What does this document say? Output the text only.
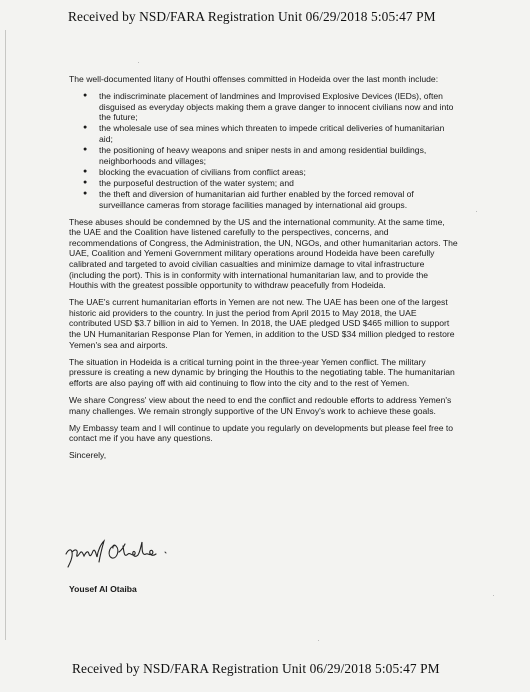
Received by NSD/FARA Registration Unit 06/29/2018 5:05:47 PM

The well-documented litany of Houthi offenses committed in Hodeida over the last month include:

● the indiscriminate placement of landmines and Improvised Explosive Devices (IEDs), often disguised as everyday objects making them a grave danger to innocent civilians now and into the future;
● the wholesale use of sea mines which threaten to impede critical deliveries of humanitarian aid;
● the positioning of heavy weapons and sniper nests in and among residential buildings, neighborhoods and villages;
● blocking the evacuation of civilians from conflict areas;
● the purposeful destruction of the water system; and
● the theft and diversion of humanitarian aid further enabled by the forced removal of surveillance cameras from storage facilities managed by international aid groups.

These abuses should be condemned by the US and the international community. At the same time, the UAE and the Coalition have listened carefully to the perspectives, concerns, and recommendations of Congress, the Administration, the UN, NGOs, and other humanitarian actors. The UAE, Coalition and Yemeni Government military operations around Hodeida have been carefully calibrated and targeted to avoid civilian casualties and minimize damage to vital infrastructure (including the port). This is in conformity with international humanitarian law, and to provide the Houthis with the greatest possible opportunity to withdraw peacefully from Hodeida.

The UAE's current humanitarian efforts in Yemen are not new. The UAE has been one of the largest historic aid providers to the country. In just the period from April 2015 to May 2018, the UAE contributed USD $3.7 billion in aid to Yemen. In 2018, the UAE pledged USD $465 million to support the UN Humanitarian Response Plan for Yemen, in addition to the USD $34 million pledged to restore Yemen's sea and airports.

The situation in Hodeida is a critical turning point in the three-year Yemen conflict. The military pressure is creating a new dynamic by bringing the Houthis to the negotiating table. The humanitarian efforts are also paying off with aid continuing to flow into the city and to the rest of Yemen.

We share Congress' view about the need to end the conflict and redouble efforts to address Yemen's many challenges. We remain strongly supportive of the UN Envoy's work to achieve these goals.

My Embassy team and I will continue to update you regularly on developments but please feel free to contact me if you have any questions.

Sincerely,

Yousef Al Otaiba
Received by NSD/FARA Registration Unit 06/29/2018 5:05:47 PM
